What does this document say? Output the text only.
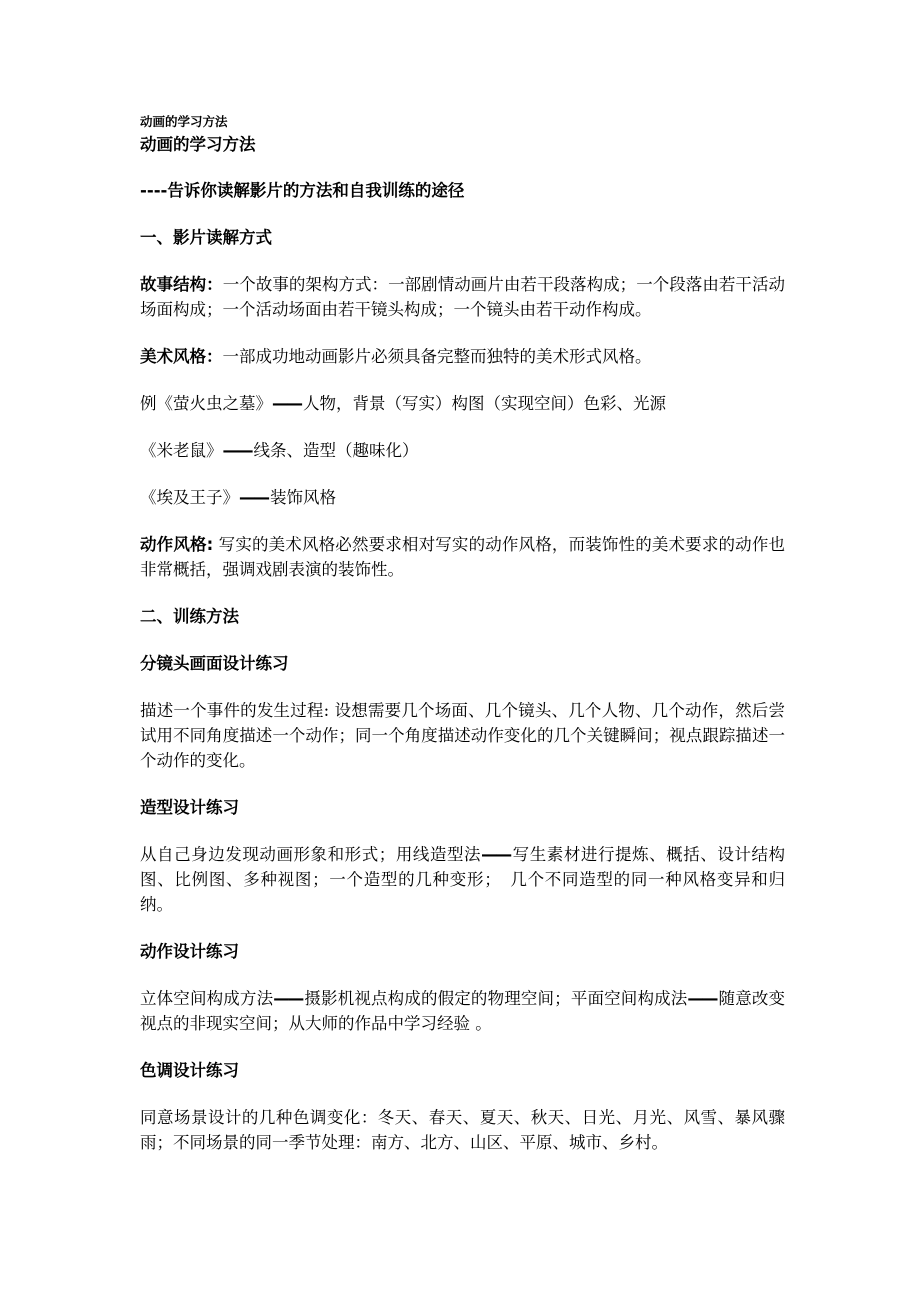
动画的学习方法

动画的学习方法

----告诉你读解影片的方法和自我训练的途径

一、影片读解方式

故事结构：一个故事的架构方式：一部剧情动画片由若干段落构成；一个段落由若干活动场面构成；一个活动场面由若干镜头构成；一个镜头由若干动作构成。

美术风格：一部成功地动画影片必须具备完整而独特的美术形式风格。

例《萤火虫之墓》—— 人物，背景（写实）构图（实现空间）色彩、光源

《米老鼠》—— 线条、造型（趣味化）

《埃及王子》—— 装饰风格

动作风格: 写实的美术风格必然要求相对写实的动作风格，而装饰性的美术要求的动作也非常概括，强调戏剧表演的装饰性。

二、训练方法

分镜头画面设计练习

描述一个事件的发生过程: 设想需要几个场面、几个镜头、几个人物、几个动作，然后尝试用不同角度描述一个动作；同一个角度描述动作变化的几个关键瞬间；视点跟踪描述一个动作的变化。

造型设计练习

从自己身边发现动画形象和形式；用线造型法—— 写生素材进行提炼、概括、设计结构图、比例图、多种视图；一个造型的几种变形；　几个不同造型的同一种风格变异和归纳。

动作设计练习

立体空间构成方法—— 摄影机视点构成的假定的物理空间；平面空间构成法—— 随意改变视点的非现实空间；从大师的作品中学习经验 。

色调设计练习

同意场景设计的几种色调变化：冬天、春天、夏天、秋天、日光、月光、风雪、暴风骤雨；不同场景的同一季节处理：南方、北方、山区、平原、城市、乡村。
